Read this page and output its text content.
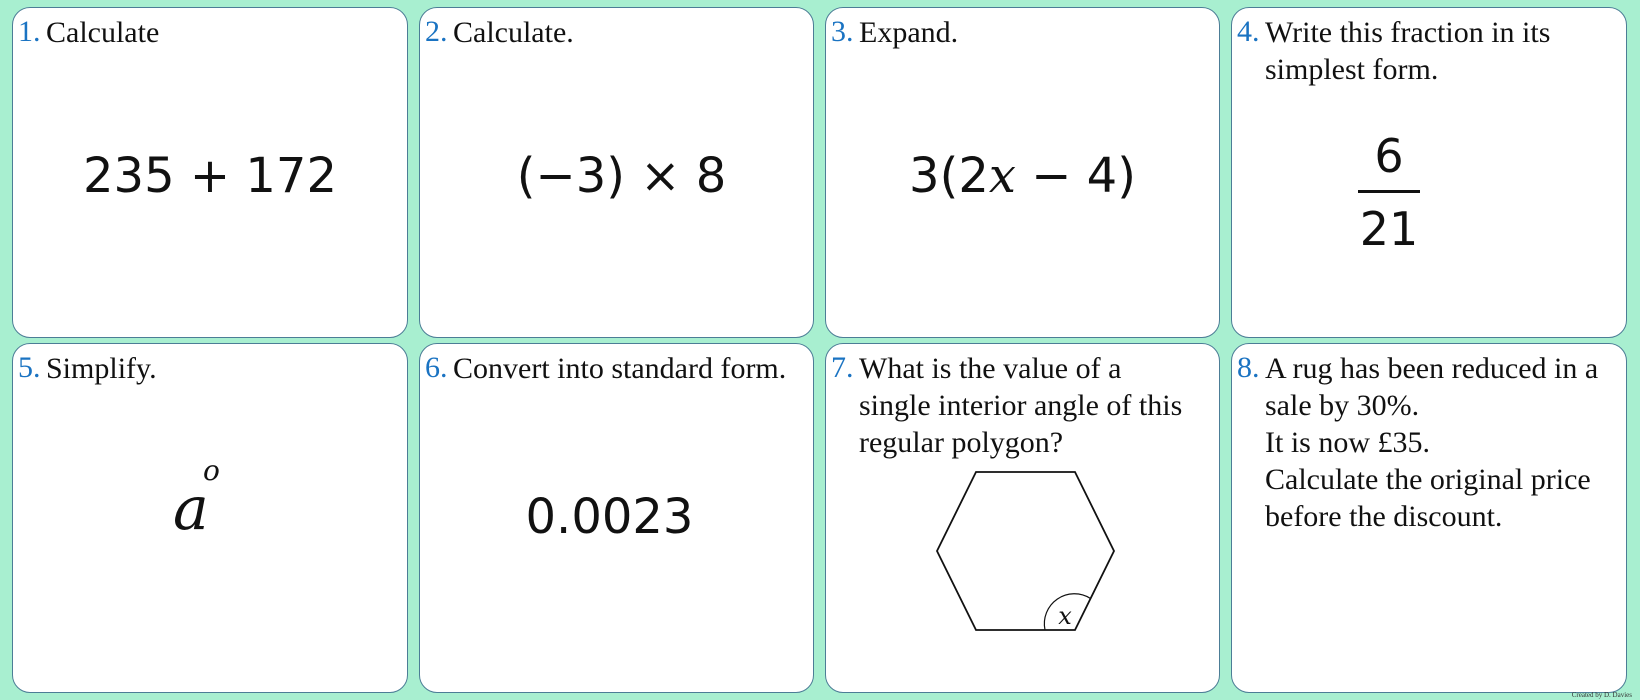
1. Calculate
235 + 172
2. Calculate.
(−3) × 8
3. Expand.
3(2x − 4)
4. Write this fraction in its
simplest form.
6
21
5. Simplify.
a
o
6. Convert into standard form.
0.0023
7. What is the value of a
single interior angle of this
regular polygon?
x
8. A rug has been reduced in a
sale by 30%.
It is now £35.
Calculate the original price
before the discount.
Created by D. Davies
